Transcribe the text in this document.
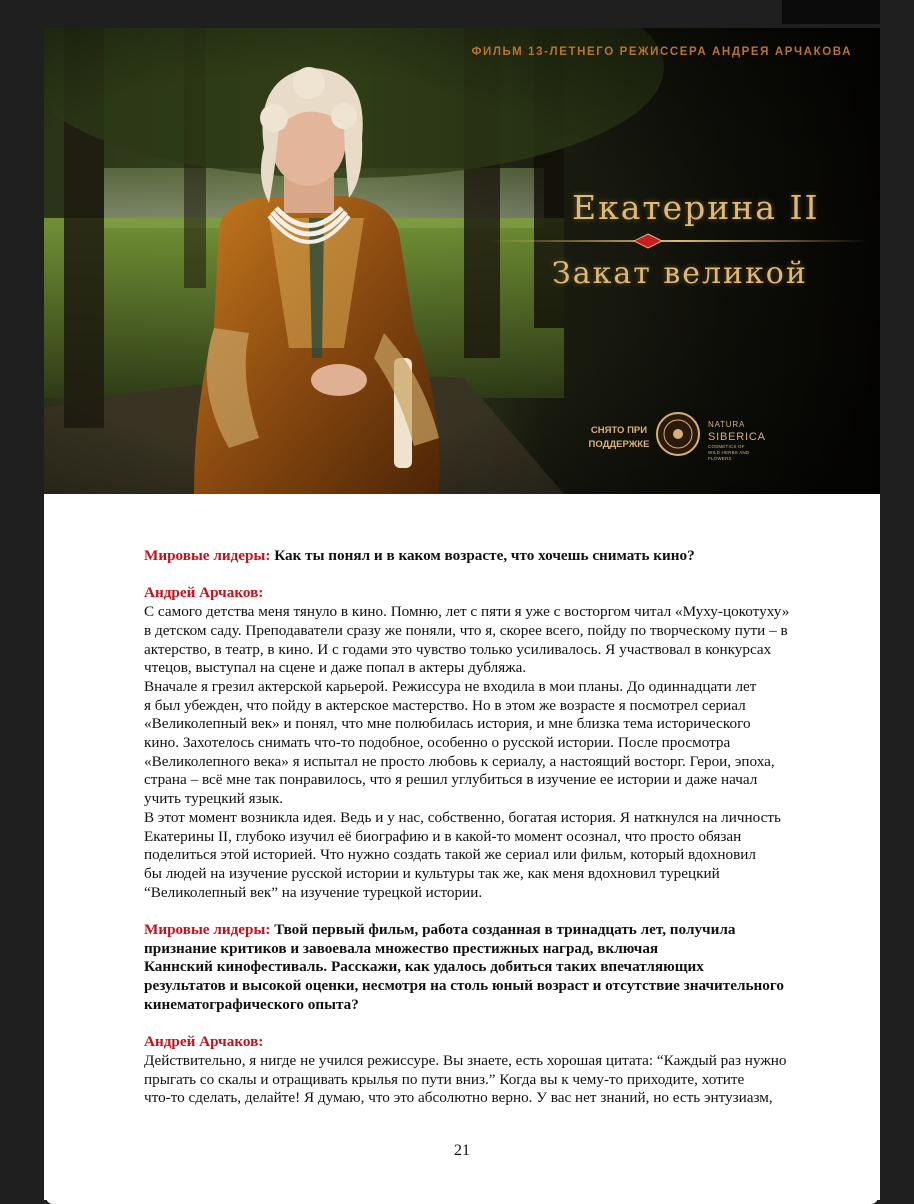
ФИЛЬМ 13-ЛЕТНЕГО РЕЖИССЕРА АНДРЕЯ АРЧАКОВА
Екатерина II
Закат великой
СНЯТО ПРИ ПОДДЕРЖКЕ
NATURA
SIBERICA
COSMETICS OF WILD HERBS AND FLOWERS

Мировые лидеры: Как ты понял и в каком возрасте, что хочешь снимать кино?

Андрей Арчаков:

С самого детства меня тянуло в кино. Помню, лет с пяти я уже с восторгом читал «Муху-цокотуху»

в детском саду. Преподаватели сразу же поняли, что я, скорее всего, пойду по творческому пути – в

актерство, в театр, в кино. И с годами это чувство только усиливалось. Я участвовал в конкурсах

чтецов, выступал на сцене и даже попал в актеры дубляжа.

Вначале я грезил актерской карьерой. Режиссура не входила в мои планы. До одиннадцати лет

я был убежден, что пойду в актерское мастерство. Но в этом же возрасте я посмотрел сериал

«Великолепный век» и понял, что мне полюбилась история, и мне близка тема исторического

кино. Захотелось снимать что-то подобное, особенно о русской истории. После просмотра

«Великолепного века» я испытал не просто любовь к сериалу, а настоящий восторг. Герои, эпоха,

страна – всё мне так понравилось, что я решил углубиться в изучение ее истории и даже начал

учить турецкий язык.

В этот момент возникла идея. Ведь и у нас, собственно, богатая история. Я наткнулся на личность

Екатерины II, глубоко изучил её биографию и в какой-то момент осознал, что просто обязан

поделиться этой историей. Что нужно создать такой же сериал или фильм, который вдохновил

бы людей на изучение русской истории и культуры так же, как меня вдохновил турецкий

“Великолепный век” на изучение турецкой истории.

Мировые лидеры: Твой первый фильм, работа созданная в тринадцать лет, получила

признание критиков и завоевала множество престижных наград, включая

Каннский кинофестиваль. Расскажи, как удалось добиться таких впечатляющих

результатов и высокой оценки, несмотря на столь юный возраст и отсутствие значительного

кинематографического опыта?

Андрей Арчаков:

Действительно, я нигде не учился режиссуре. Вы знаете, есть хорошая цитата: “Каждый раз нужно

прыгать со скалы и отращивать крылья по пути вниз.” Когда вы к чему-то приходите, хотите

что-то сделать, делайте! Я думаю, что это абсолютно верно. У вас нет знаний, но есть энтузиазм,

21
